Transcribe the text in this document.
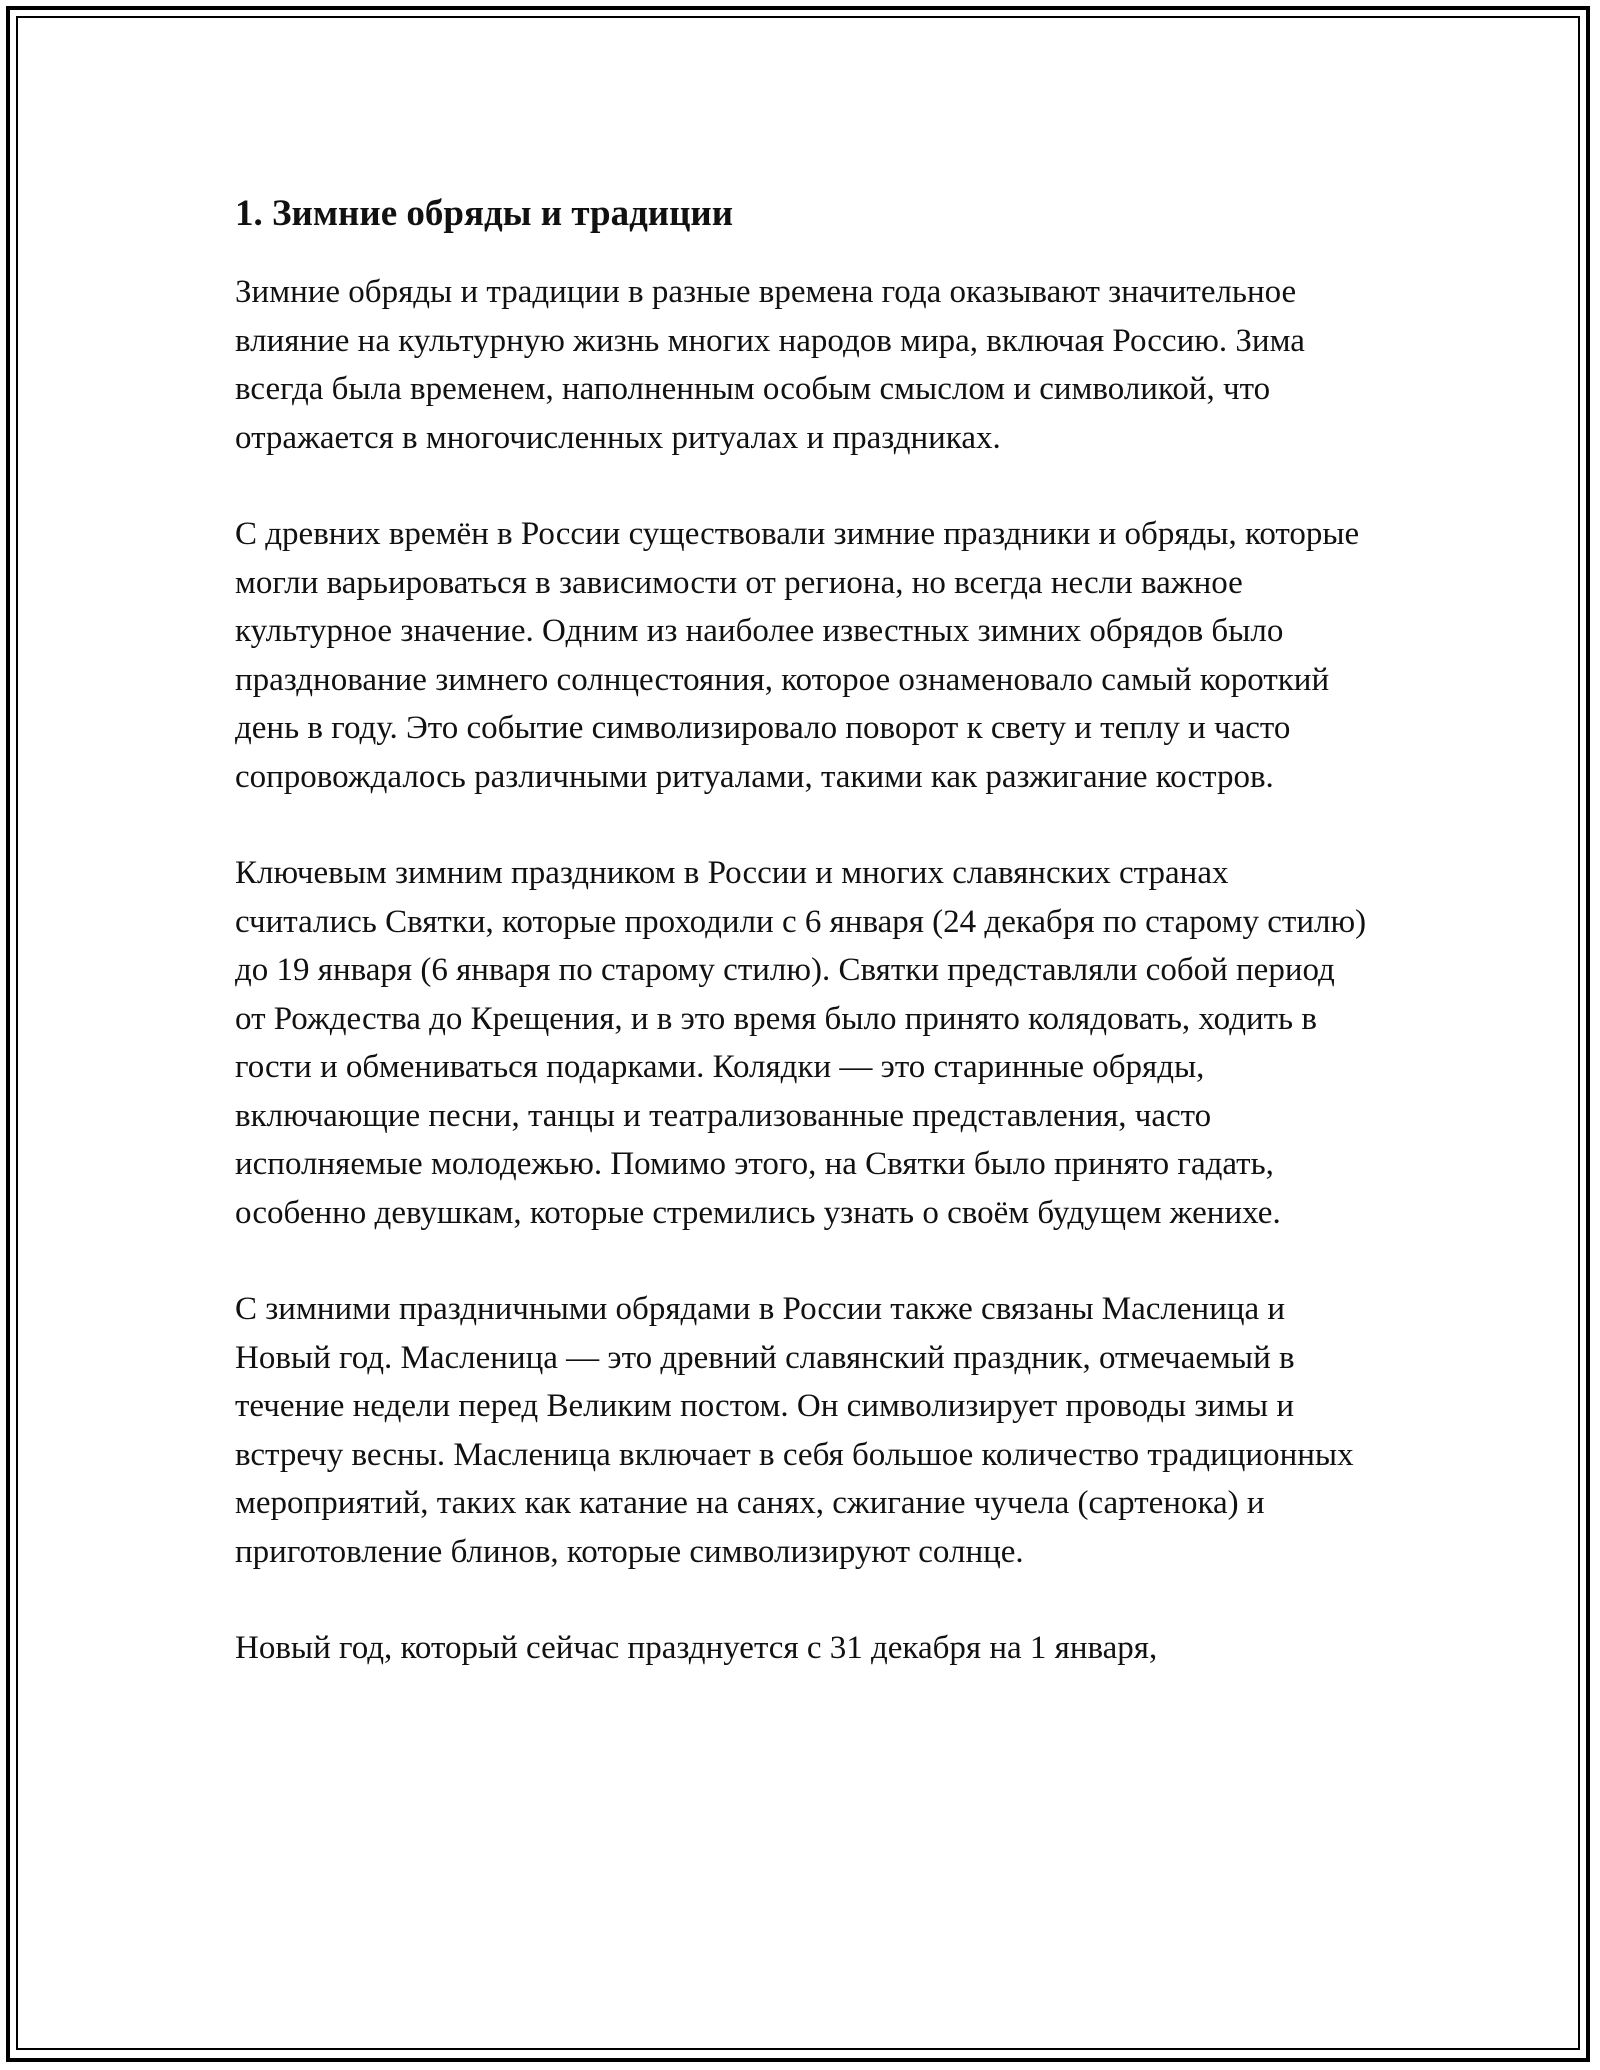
1. Зимние обряды и традиции

Зимние обряды и традиции в разные времена года оказывают значительное влияние на культурную жизнь многих народов мира, включая Россию. Зима всегда была временем, наполненным особым смыслом и символикой, что отражается в многочисленных ритуалах и праздниках.

С древних времён в России существовали зимние праздники и обряды, которые могли варьироваться в зависимости от региона, но всегда несли важное культурное значение. Одним из наиболее известных зимних обрядов было празднование зимнего солнцестояния, которое ознаменовало самый короткий день в году. Это событие символизировало поворот к свету и теплу и часто сопровождалось различными ритуалами, такими как разжигание костров.

Ключевым зимним праздником в России и многих славянских странах считались Святки, которые проходили с 6 января (24 декабря по старому стилю) до 19 января (6 января по старому стилю). Святки представляли собой период от Рождества до Крещения, и в это время было принято колядовать, ходить в гости и обмениваться подарками. Колядки — это старинные обряды, включающие песни, танцы и театрализованные представления, часто исполняемые молодежью. Помимо этого, на Святки было принято гадать, особенно девушкам, которые стремились узнать о своём будущем женихе.

С зимними праздничными обрядами в России также связаны Масленица и Новый год. Масленица — это древний славянский праздник, отмечаемый в течение недели перед Великим постом. Он символизирует проводы зимы и встречу весны. Масленица включает в себя большое количество традиционных мероприятий, таких как катание на санях, сжигание чучела (сартенока) и приготовление блинов, которые символизируют солнце.

Новый год, который сейчас празднуется с 31 декабря на 1 января,
